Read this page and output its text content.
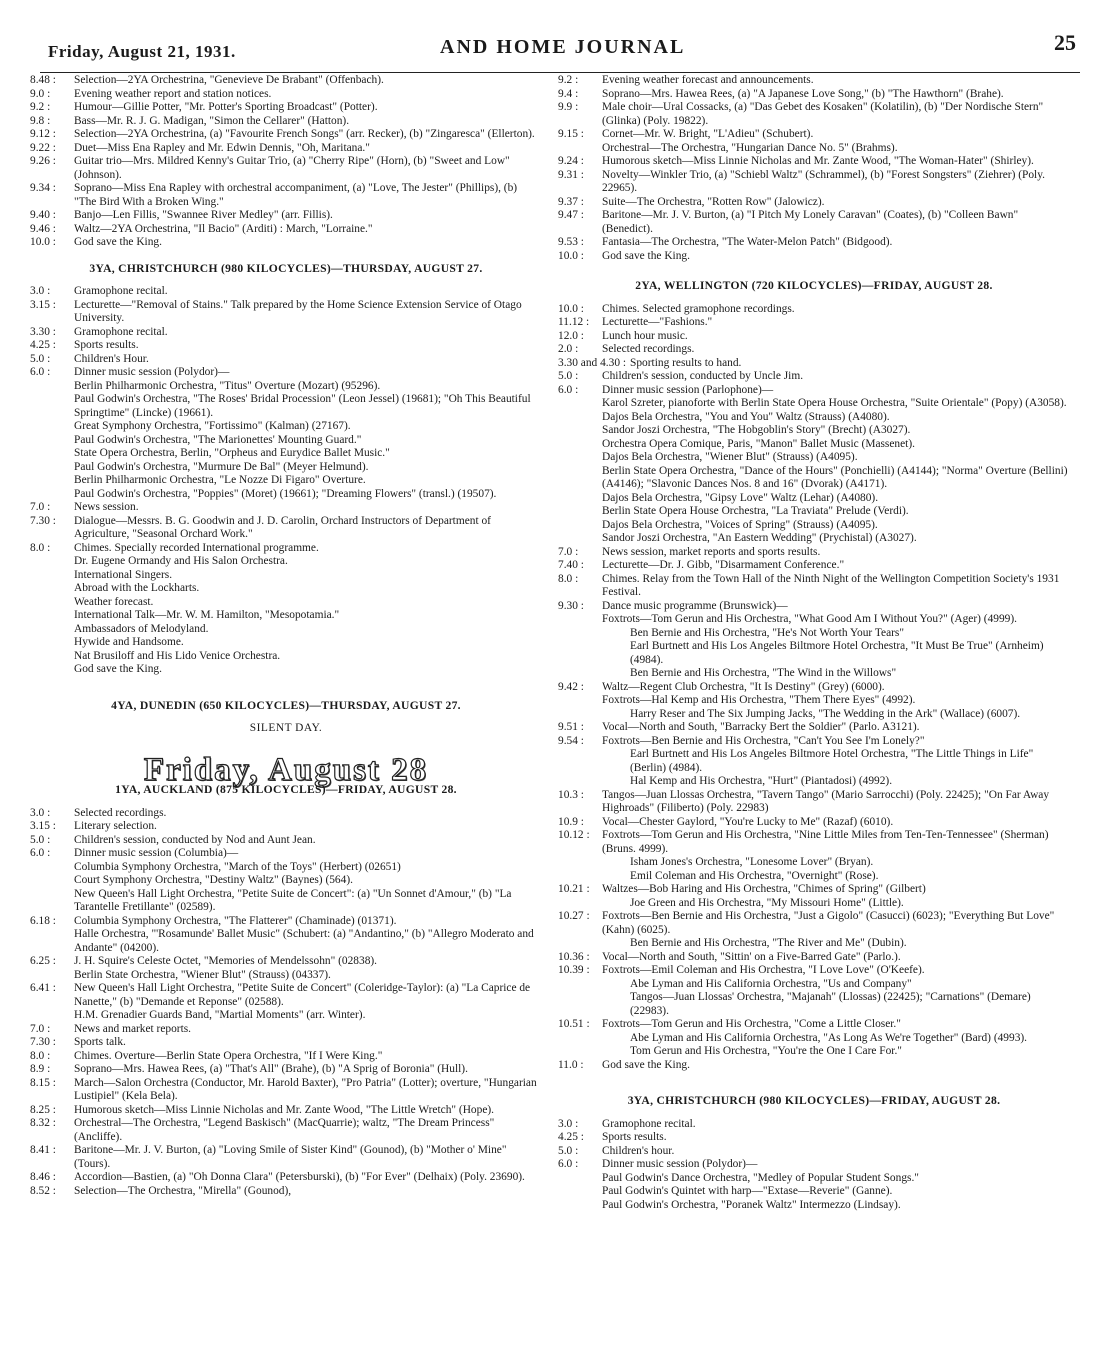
Friday, August 21, 1931.	AND HOME JOURNAL	25
8.48 :	Selection—2YA Orchestrina, "Genevieve De Brabant" (Offenbach).
9.0 :	Evening weather report and station notices.
9.2 :	Humour—Gillie Potter, "Mr. Potter's Sporting Broadcast" (Potter).
9.8 :	Bass—Mr. R. J. G. Madigan, "Simon the Cellarer" (Hatton).
9.12 :	Selection—2YA Orchestrina, (a) "Favourite French Songs" (arr. Recker), (b) "Zingaresca" (Ellerton).
9.22 :	Duet—Miss Ena Rapley and Mr. Edwin Dennis, "Oh, Maritana."
9.26 :	Guitar trio—Mrs. Mildred Kenny's Guitar Trio, (a) "Cherry Ripe" (Horn), (b) "Sweet and Low" (Johnson).
9.34 :	Soprano—Miss Ena Rapley with orchestral accompaniment, (a) "Love, The Jester" (Phillips), (b) "The Bird With a Broken Wing."
9.40 :	Banjo—Len Fillis, "Swannee River Medley" (arr. Fillis).
9.46 :	Waltz—2YA Orchestrina, "Il Bacio" (Arditi) : March, "Lorraine."
10.0 :	God save the King.
3YA, CHRISTCHURCH (980 KILOCYCLES)—THURSDAY, AUGUST 27.
3.0 :	Gramophone recital.
3.15 :	Lecturette—"Removal of Stains." Talk prepared by the Home Science Extension Service of Otago University.
3.30 :	Gramophone recital.
4.25 :	Sports results.
5.0 :	Children's Hour.
6.0 :	Dinner music session (Polydor)—
Berlin Philharmonic Orchestra, "Titus" Overture (Mozart) (95296).
Paul Godwin's Orchestra, "The Roses' Bridal Procession" (Leon Jessel) (19681); "Oh This Beautiful Springtime" (Lincke) (19661).
Great Symphony Orchestra, "Fortissimo" (Kalman) (27167).
Paul Godwin's Orchestra, "The Marionettes' Mounting Guard."
State Opera Orchestra, Berlin, "Orpheus and Eurydice Ballet Music."
Paul Godwin's Orchestra, "Murmure De Bal" (Meyer Helmund).
Berlin Philharmonic Orchestra, "Le Nozze Di Figaro" Overture.
Paul Godwin's Orchestra, "Poppies" (Moret) (19661); "Dreaming Flowers" (transl.) (19507).
7.0 :	News session.
7.30 :	Dialogue—Messrs. B. G. Goodwin and J. D. Carolin, Orchard Instructors of Department of Agriculture, "Seasonal Orchard Work."
8.0 :	Chimes. Specially recorded International programme.
Dr. Eugene Ormandy and His Salon Orchestra.
International Singers.
Abroad with the Lockharts.
Weather forecast.
International Talk—Mr. W. M. Hamilton, "Mesopotamia."
Ambassadors of Melodyland.
Hywide and Handsome.
Nat Brusiloff and His Lido Venice Orchestra.
God save the King.
4YA, DUNEDIN (650 KILOCYCLES)—THURSDAY, AUGUST 27.
SILENT DAY.
Friday, August 28
1YA, AUCKLAND (875 KILOCYCLES)—FRIDAY, AUGUST 28.
3.0 :	Selected recordings.
3.15 :	Literary selection.
5.0 :	Children's session, conducted by Nod and Aunt Jean.
6.0 :	Dinner music session (Columbia)—
Columbia Symphony Orchestra, "March of the Toys" (Herbert) (02651)
Court Symphony Orchestra, "Destiny Waltz" (Baynes) (564).
New Queen's Hall Light Orchestra, "Petite Suite de Concert": (a) "Un Sonnet d'Amour," (b) "La Tarantelle Fretillante" (02589).
6.18 :	Columbia Symphony Orchestra, "The Flatterer" (Chaminade) (01371).
Halle Orchestra, "'Rosamunde' Ballet Music" (Schubert: (a) "Andantino," (b) "Allegro Moderato and Andante" (04200).
6.25 :	J. H. Squire's Celeste Octet, "Memories of Mendelssohn" (02838).
Berlin State Orchestra, "Wiener Blut" (Strauss) (04337).
6.41 :	New Queen's Hall Light Orchestra, "Petite Suite de Concert" (Coleridge-Taylor): (a) "La Caprice de Nanette," (b) "Demande et Reponse" (02588).
H.M. Grenadier Guards Band, "Martial Moments" (arr. Winter).
7.0 :	News and market reports.
7.30 :	Sports talk.
8.0 :	Chimes. Overture—Berlin State Opera Orchestra, "If I Were King."
8.9 :	Soprano—Mrs. Hawea Rees, (a) "That's All" (Brahe), (b) "A Sprig of Boronia" (Hull).
8.15 :	March—Salon Orchestra (Conductor, Mr. Harold Baxter), "Pro Patria" (Lotter); overture, "Hungarian Lustipiel" (Kela Bela).
8.25 :	Humorous sketch—Miss Linnie Nicholas and Mr. Zante Wood, "The Little Wretch" (Hope).
8.32 :	Orchestral—The Orchestra, "Legend Baskisch" (MacQuarrie); waltz, "The Dream Princess" (Ancliffe).
8.41 :	Baritone—Mr. J. V. Burton, (a) "Loving Smile of Sister Kind" (Gounod), (b) "Mother o' Mine" (Tours).
8.46 :	Accordion—Bastien, (a) "Oh Donna Clara" (Petersburski), (b) "For Ever" (Delhaix) (Poly. 23690).
8.52 :	Selection—The Orchestra, "Mirella" (Gounod),
9.2 :	Evening weather forecast and announcements.
9.4 :	Soprano—Mrs. Hawea Rees, (a) "A Japanese Love Song," (b) "The Hawthorn" (Brahe).
9.9 :	Male choir—Ural Cossacks, (a) "Das Gebet des Kosaken" (Kolatilin), (b) "Der Nordische Stern" (Glinka) (Poly. 19822).
9.15 :	Cornet—Mr. W. Bright, "L'Adieu" (Schubert).
Orchestral—The Orchestra, "Hungarian Dance No. 5" (Brahms).
9.24 :	Humorous sketch—Miss Linnie Nicholas and Mr. Zante Wood, "The Woman-Hater" (Shirley).
9.31 :	Novelty—Winkler Trio, (a) "Schiebl Waltz" (Schrammel), (b) "Forest Songsters" (Ziehrer) (Poly. 22965).
9.37 :	Suite—The Orchestra, "Rotten Row" (Jalowicz).
9.47 :	Baritone—Mr. J. V. Burton, (a) "I Pitch My Lonely Caravan" (Coates), (b) "Colleen Bawn" (Benedict).
9.53 :	Fantasia—The Orchestra, "The Water-Melon Patch" (Bidgood).
10.0 :	God save the King.
2YA, WELLINGTON (720 KILOCYCLES)—FRIDAY, AUGUST 28.
10.0 :	Chimes. Selected gramophone recordings.
11.12 :	Lecturette—"Fashions."
12.0 :	Lunch hour music.
2.0 :	Selected recordings.
3.30 and 4.30 : Sporting results to hand.
5.0 :	Children's session, conducted by Uncle Jim.
6.0 :	Dinner music session (Parlophone)—
Karol Szreter, pianoforte with Berlin State Opera House Orchestra, "Suite Orientale" (Popy) (A3058).
Dajos Bela Orchestra, "You and You" Waltz (Strauss) (A4080).
Sandor Joszi Orchestra, "The Hobgoblin's Story" (Brecht) (A3027).
Orchestra Opera Comique, Paris, "Manon" Ballet Music (Massenet).
Dajos Bela Orchestra, "Wiener Blut" (Strauss) (A4095).
Berlin State Opera Orchestra, "Dance of the Hours" (Ponchielli) (A4144); "Norma" Overture (Bellini) (A4146); "Slavonic Dances Nos. 8 and 16" (Dvorak) (A4171).
Dajos Bela Orchestra, "Gipsy Love" Waltz (Lehar) (A4080).
Berlin State Opera House Orchestra, "La Traviata" Prelude (Verdi).
Dajos Bela Orchestra, "Voices of Spring" (Strauss) (A4095).
Sandor Joszi Orchestra, "An Eastern Wedding" (Prychistal) (A3027).
7.0 :	News session, market reports and sports results.
7.40 :	Lecturette—Dr. J. Gibb, "Disarmament Conference."
8.0 :	Chimes. Relay from the Town Hall of the Ninth Night of the Wellington Competition Society's 1931 Festival.
9.30 :	Dance music programme (Brunswick)—
Foxtrots—Tom Gerun and His Orchestra, "What Good Am I Without You?" (Ager) (4999).
Ben Bernie and His Orchestra, "He's Not Worth Your Tears"
Earl Burtnett and His Los Angeles Biltmore Hotel Orchestra, "It Must Be True" (Arnheim) (4984).
Ben Bernie and His Orchestra, "The Wind in the Willows"
9.42 :	Waltz—Regent Club Orchestra, "It Is Destiny" (Grey) (6000).
Foxtrots—Hal Kemp and His Orchestra, "Them There Eyes" (4992).
Harry Reser and The Six Jumping Jacks, "The Wedding in the Ark" (Wallace) (6007).
9.51 :	Vocal—North and South, "Barracky Bert the Soldier" (Parlo. A3121).
9.54 :	Foxtrots—Ben Bernie and His Orchestra, "Can't You See I'm Lonely?"
Earl Burtnett and His Los Angeles Biltmore Hotel Orchestra, "The Little Things in Life" (Berlin) (4984).
Hal Kemp and His Orchestra, "Hurt" (Piantadosi) (4992).
10.3 :	Tangos—Juan Llossas Orchestra, "Tavern Tango" (Mario Sarrocchi) (Poly. 22425); "On Far Away Highroads" (Filiberto) (Poly. 22983)
10.9 :	Vocal—Chester Gaylord, "You're Lucky to Me" (Razaf) (6010).
10.12 :	Foxtrots—Tom Gerun and His Orchestra, "Nine Little Miles from Ten-Ten-Tennessee" (Sherman) (Bruns. 4999).
Isham Jones's Orchestra, "Lonesome Lover" (Bryan).
Emil Coleman and His Orchestra, "Overnight" (Rose).
10.21 :	Waltzes—Bob Haring and His Orchestra, "Chimes of Spring" (Gilbert)
Joe Green and His Orchestra, "My Missouri Home" (Little).
10.27 :	Foxtrots—Ben Bernie and His Orchestra, "Just a Gigolo" (Casucci) (6023); "Everything But Love" (Kahn) (6025).
Ben Bernie and His Orchestra, "The River and Me" (Dubin).
10.36 :	Vocal—North and South, "Sittin' on a Five-Barred Gate" (Parlo.).
10.39 :	Foxtrots—Emil Coleman and His Orchestra, "I Love Love" (O'Keefe).
Abe Lyman and His California Orchestra, "Us and Company"
Tangos—Juan Llossas' Orchestra, "Majanah" (Llossas) (22425); "Carnations" (Demare) (22983).
10.51 :	Foxtrots—Tom Gerun and His Orchestra, "Come a Little Closer."
Abe Lyman and His California Orchestra, "As Long As We're Together" (Bard) (4993).
Tom Gerun and His Orchestra, "You're the One I Care For."
11.0 :	God save the King.
3YA, CHRISTCHURCH (980 KILOCYCLES)—FRIDAY, AUGUST 28.
3.0 :	Gramophone recital.
4.25 :	Sports results.
5.0 :	Children's hour.
6.0 :	Dinner music session (Polydor)—
Paul Godwin's Dance Orchestra, "Medley of Popular Student Songs."
Paul Godwin's Quintet with harp—"Extase—Reverie" (Ganne).
Paul Godwin's Orchestra, "Poranek Waltz" Intermezzo (Lindsay).
